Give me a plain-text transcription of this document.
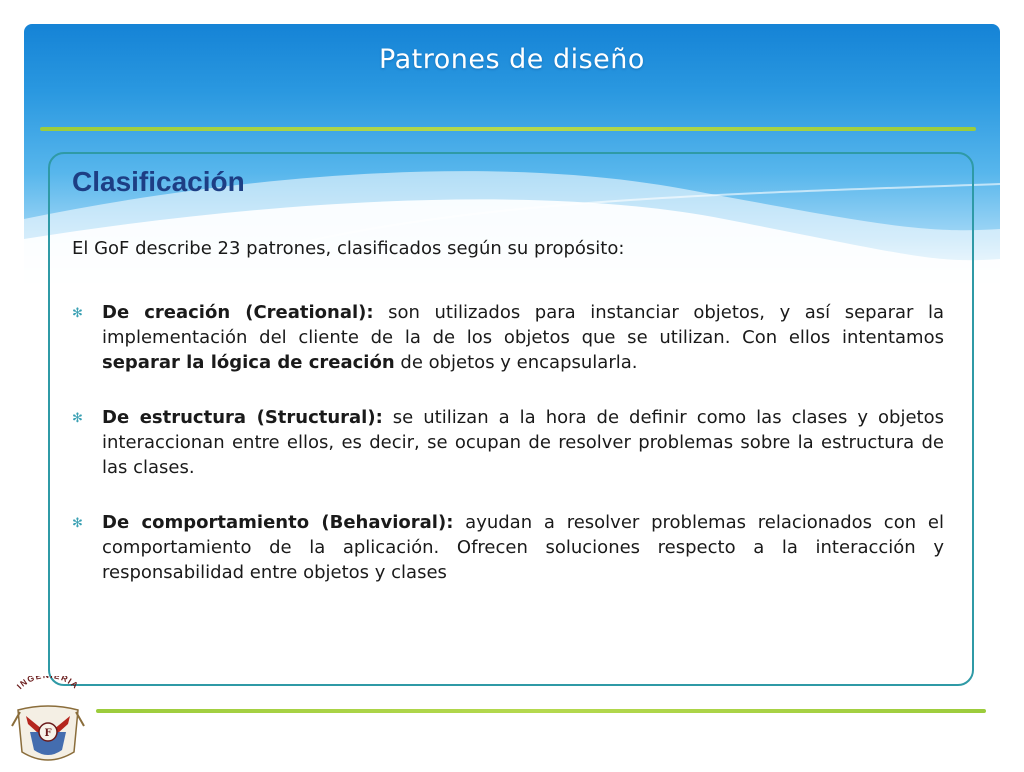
Patrones de diseño
Clasificación

El GoF describe 23 patrones, clasificados según su propósito:

✻ De creación (Creational): son utilizados para instanciar objetos, y así separar la implementación del cliente de la de los objetos que se utilizan. Con ellos intentamos separar la lógica de creación de objetos y encapsularla.
✻ De estructura (Structural): se utilizan a la hora de definir como las clases y objetos interaccionan entre ellos, es decir, se ocupan de resolver problemas sobre la estructura de las clases.
✻ De comportamiento (Behavioral): ayudan a resolver problemas relacionados con el comportamiento de la aplicación. Ofrecen soluciones respecto a la interacción y responsabilidad entre objetos y clases
ING ERIA
F
